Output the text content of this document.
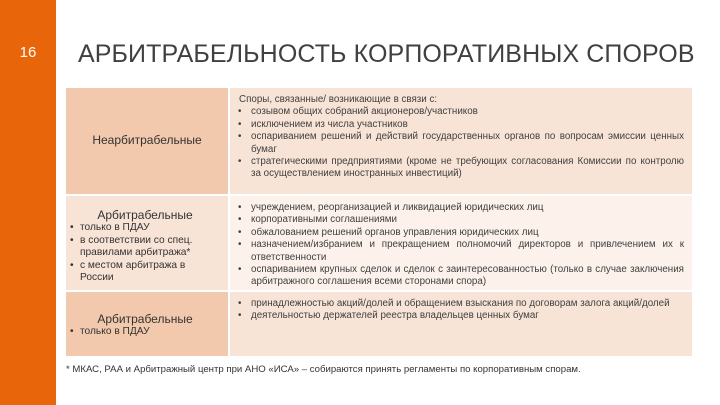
16	АРБИТРАБЕЛЬНОСТЬ КОРПОРАТИВНЫХ СПОРОВ
Неарбитрабельные

Споры, связанные/ возникающие в связи с:

• созывом общих собраний акционеров/участников
• исключением из числа участников
• оспариванием решений и действий государственных органов по вопросам эмиссии ценных бумаг
• стратегическими предприятиями (кроме не требующих согласования Комиссии по контролю за осуществлением иностранных инвестиций)
Арбитрабельные
• только в ПДАУ
• в соответствии со спец. правилами арбитража*
• с местом арбитража в России
• учреждением, реорганизацией и ликвидацией юридических лиц
• корпоративными соглашениями
• обжалованием решений органов управления юридических лиц
• назначением/избранием и прекращением полномочий директоров и привлечением их к ответственности
• оспариванием крупных сделок и сделок с заинтересованностью (только в случае заключения арбитражного соглашения всеми сторонами спора)
Арбитрабельные
• только в ПДАУ
• принадлежностью акций/долей и обращением взыскания по договорам залога акций/долей
• деятельностью держателей реестра владельцев ценных бумаг
* МКАС, РАА и Арбитражный центр при АНО «ИСА» – собираются принять регламенты по корпоративным спорам.
